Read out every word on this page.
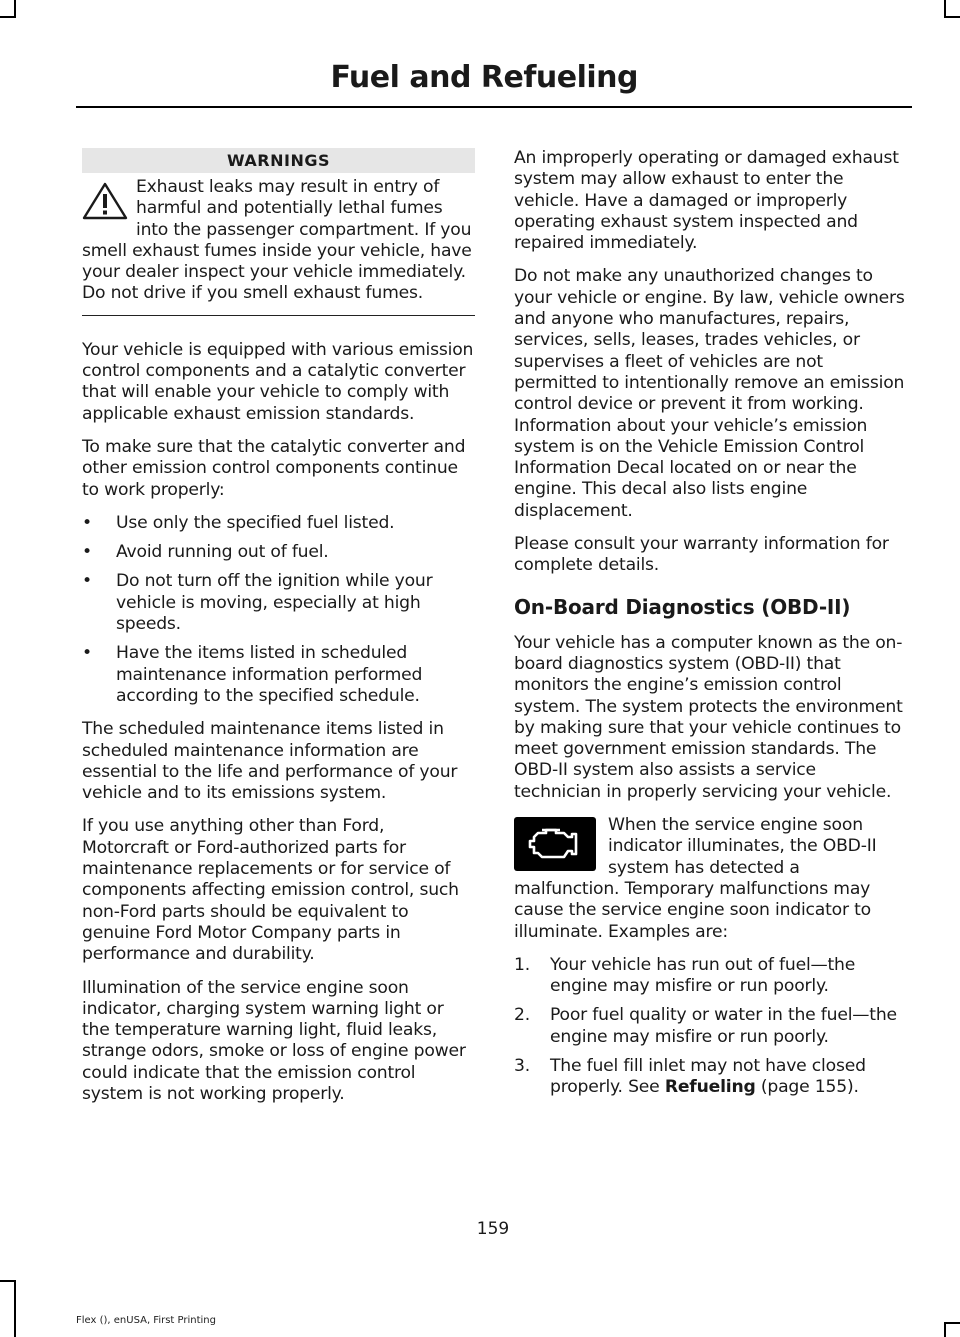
Fuel and Refueling
WARNINGS

Exhaust leaks may result in entry of harmful and potentially lethal fumes into the passenger compartment. If you smell exhaust fumes inside your vehicle, have your dealer inspect your vehicle immediately. Do not drive if you smell exhaust fumes.

Your vehicle is equipped with various emission control components and a catalytic converter that will enable your vehicle to comply with applicable exhaust emission standards.

To make sure that the catalytic converter and other emission control components continue to work properly:

• Use only the specified fuel listed.
• Avoid running out of fuel.
• Do not turn off the ignition while your vehicle is moving, especially at high speeds.
• Have the items listed in scheduled maintenance information performed according to the specified schedule.

The scheduled maintenance items listed in scheduled maintenance information are essential to the life and performance of your vehicle and to its emissions system.

If you use anything other than Ford, Motorcraft or Ford-authorized parts for maintenance replacements or for service of components affecting emission control, such non-Ford parts should be equivalent to genuine Ford Motor Company parts in performance and durability.

Illumination of the service engine soon indicator, charging system warning light or the temperature warning light, fluid leaks, strange odors, smoke or loss of engine power could indicate that the emission control system is not working properly.

An improperly operating or damaged exhaust system may allow exhaust to enter the vehicle. Have a damaged or improperly operating exhaust system inspected and repaired immediately.

Do not make any unauthorized changes to your vehicle or engine. By law, vehicle owners and anyone who manufactures, repairs, services, sells, leases, trades vehicles, or supervises a fleet of vehicles are not permitted to intentionally remove an emission control device or prevent it from working. Information about your vehicle’s emission system is on the Vehicle Emission Control Information Decal located on or near the engine. This decal also lists engine displacement.

Please consult your warranty information for complete details.

On-Board Diagnostics (OBD-II)

Your vehicle has a computer known as the on-board diagnostics system (OBD-II) that monitors the engine’s emission control system. The system protects the environment by making sure that your vehicle continues to meet government emission standards. The OBD-II system also assists a service technician in properly servicing your vehicle.

When the service engine soon indicator illuminates, the OBD-II system has detected a malfunction. Temporary malfunctions may cause the service engine soon indicator to illuminate. Examples are:

1. Your vehicle has run out of fuel—the engine may misfire or run poorly.
2. Poor fuel quality or water in the fuel—the engine may misfire or run poorly.
3. The fuel fill inlet may not have closed properly. See Refueling (page 155).
159
Flex (), enUSA, First Printing
